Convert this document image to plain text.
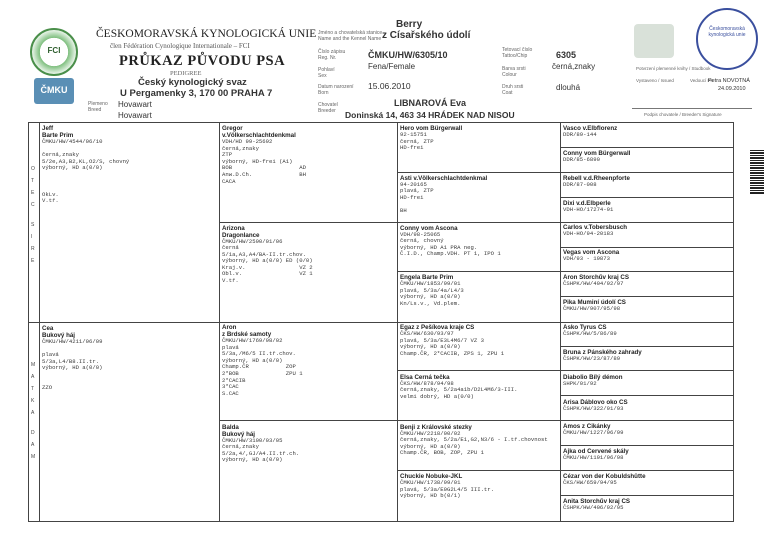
FCI
ČMKU
ČESKOMORAVSKÁ KYNOLOGICKÁ UNIE
člen Fédération Cynologique Internationale – FCI
PRŮKAZ PŮVODU PSA
PEDIGREE
Český kynologický svaz
U Pergamenky 3, 170 00 PRAHA 7
Plemeno
Breed
Hovawart
Hovawart
Jméno a chovatelská stanice
Name and the Kennel Name
Číslo zápisu
Reg. Nr.
Pohlaví
Sex
Datum narození
Born
Chovatel
Breeder
Berry
z Císařského údolí
ČMKU/HW/6305/10
Fena/Female
15.06.2010
LIBNAROVÁ Eva
Doninská 14, 463 34 HRÁDEK NAD NISOU
Tetovací číslo
Tattoo/Chip
Barva srsti
Colour
Druh srsti
Coat
6305
černá,znaky
dlouhá
Českomoravská kynologická unie
Potvrzení plemenné knihy / Studbook
Vystaveno / Issued	Vedoucí PK
Petra NOVOTNÁ
24.09.2010
Podpis chovatele / Breeder's Signature
O
T
E
C
S
I
R
E
M
A
T
K
A
D
A
M
Jeff
Barte Prim
ČMKU/HW/4544/06/10

černá,znaky
5/2e,A3,B2,KL,O2/S, chovný
výborný, HD a(0/0)

OkLv.
V.tř.
Cea
Bukový háj
ČMKU/HW/4211/06/09

plavá
5/3a,L4/B8.II.tr.
výborný, HD a(0/0)

ZZO
Gregor
v.Völkerschlachtdenkmal
VDH/HD 99-25692
černá,znaky
ZTP
výborný, HD-frei (A1)
BOB                    AD
Anw.D.Ch.              BH
CACA
Arizona
Dragonlance
ČMKU/HW/2590/01/06
černá
5/1a,A3,A4/BA-II.tr.chov.
výborný, HD a(0/0) ED (0/0)
Kraj.v.                VZ 2
Obl.v.                 VZ 1
V.tř.
Aron
z Brdské samoty
ČMKU/HW/1769/98/02
plavá
5/3a,/M6/5 II.tř.chov.
výborný, HD a(0/0)
Champ.ČR           ZOP
2*BOB              ZPU 1
2*CACIB
3*CAC
S.CAC
Balda
Bukový háj
ČMKU/HW/3100/03/05
černá,znaky
5/2a,4/,GJ/A4.II.tř.ch.
výborný, HD a(0/0)
Hero vom Bürgerwall
92-15751
černá, ZTP
HD-frei
Asti v.Völkerschlachtdenkmal
94-20165
plavá, ZTP
HD-frei

BH
Conny vom Ascona
VDH/98-25065
černá, chovný
výborný, HD A1 PRA neg.
Č.I.D., Champ.VDH. PT 1, IPO 1
Engela Barte Prim
ČMKU/HW/1853/99/01
plavá, 5/3a/4a/L4/3
výborný, HD a(0/0)
Kn/Ls.v., Vd.plem.
Egaz z Pešíkova kraje CS
ČKS/HW/630/93/97
plavá, 5/3a/E3L4M6/7 VZ 3
výborný, HD a(0/0)
Champ.ČR, 2*CACIB, ZPS 1, ZPU 1
Elsa Černá tečka
ČKS/HW/878/94/98
černá,znaky, 5/2a4a1b/D2L4M6/3-III.
velmi dobrý, HD a(0/0)
Benji z Královské stezky
ČMKU/HW/2218/00/02
černá,znaky, 5/2a/E1,G2,N3/6 - I.tř.chovnost
výborný, HD a(0/0)
Champ.ČR, BOB, ZOP, ZPU 1
Chuckie Nobuke-JKL
ČMKU/HW/1738/99/01
plavá, 5/3a/E0G2L4/5 III.tr.
výborný, HD b(0/1)
Vasco v.Elbflorenz
DDR/89-144
Conny vom Bürgerwall
DDR/85-6890
Rebell v.d.Rheenpforte
DDR/87-008
Dixi v.d.Elbperle
VDH-HO/17274-91
Carlos v.Tobersbusch
VDH-HO/94-20183
Vegas vom Ascona
VDH/93 - 19873
Aron Štorchův kraj CS
ČSHPK/HW/404/92/97
Pika Muminí údolí CS
ČMKU/HW/907/95/98
Asko Tyrus CS
ČSHPK/HW/5/86/89
Bruna z Pánského zahrady
ČSHPK/HW/23/87/89
Diabolio Bílý démon
SHPK/01/92
Arisa Ďáblovo oko CS
ČSHPK/HW/322/91/93
Amos z Cikánky
ČMKU/HW/1227/96/99
Ajka od Červené skály
ČMKU/HW/1191/96/98
Cézar von der Kobuldshütte
ČKS/HW/659/94/95
Anita Štorchův kraj CS
ČSHPK/HW/406/92/95
